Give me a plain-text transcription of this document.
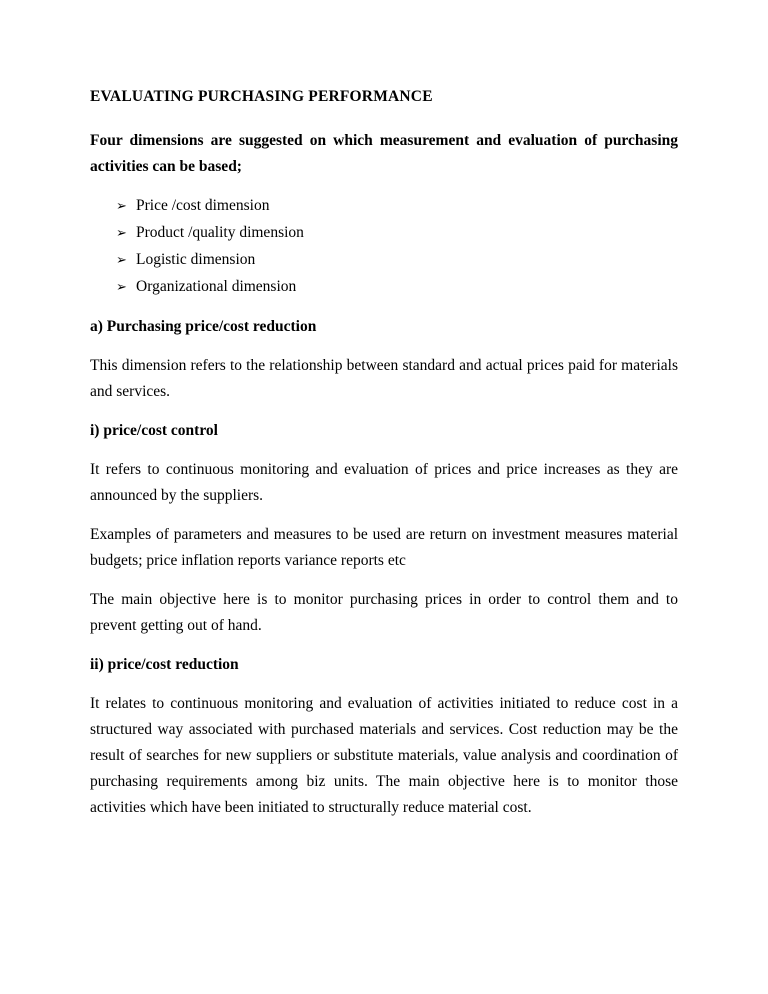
EVALUATING PURCHASING PERFORMANCE

Four dimensions are suggested on which measurement and evaluation of purchasing activities can be based;

➢ Price /cost dimension
➢ Product /quality dimension
➢ Logistic dimension
➢ Organizational dimension
a) Purchasing price/cost reduction

This dimension refers to the relationship between standard and actual prices paid for materials and services.

i) price/cost control

It refers to continuous monitoring and evaluation of prices and price increases as they are announced by the suppliers.

Examples of parameters and measures to be used are return on investment measures material budgets; price inflation reports variance reports etc

The main objective here is to monitor purchasing prices in order to control them and to prevent getting out of hand.

ii) price/cost reduction

It relates to continuous monitoring and evaluation of activities initiated to reduce cost in a structured way associated with purchased materials and services. Cost reduction may be the result of searches for new suppliers or substitute materials, value analysis and coordination of purchasing requirements among biz units. The main objective here is to monitor those activities which have been initiated to structurally reduce material cost.
